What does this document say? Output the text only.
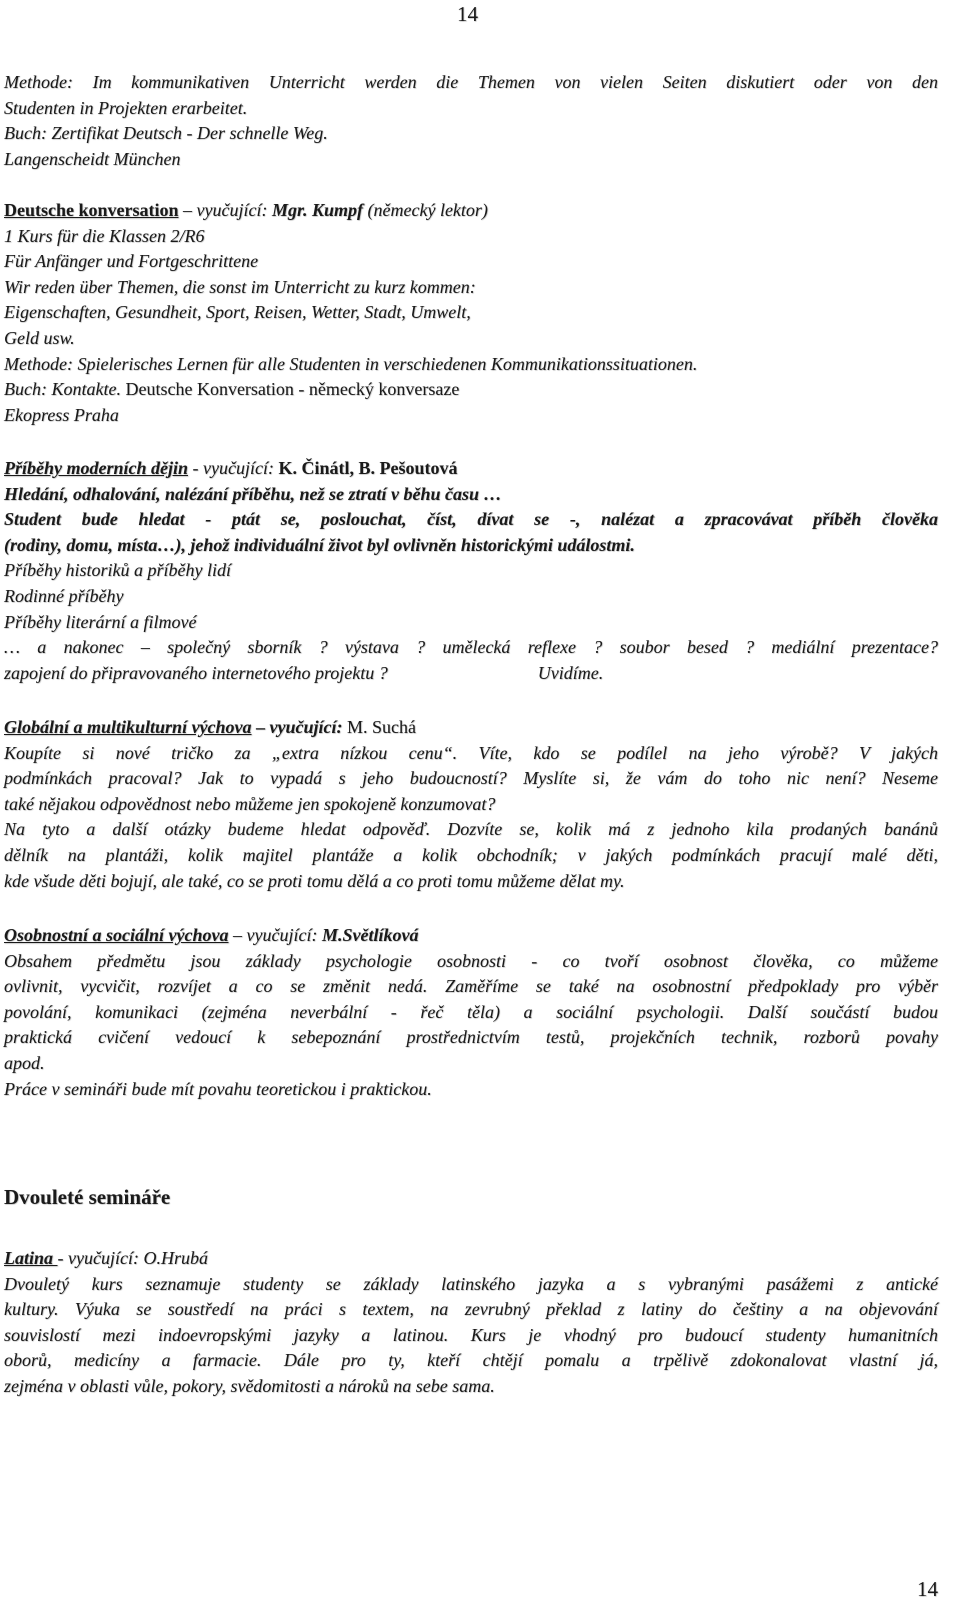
14
Methode: Im kommunikativen Unterricht werden die Themen von vielen Seiten diskutiert oder von den
Studenten in Projekten erarbeitet.
Buch: Zertifikat Deutsch - Der schnelle Weg.
Langenscheidt München
Deutsche konversation – vyučující: Mgr. Kumpf (německý lektor)
1 Kurs für die Klassen 2/R6
Für Anfänger und Fortgeschrittene
Wir reden über Themen, die sonst im Unterricht zu kurz kommen:
Eigenschaften, Gesundheit, Sport, Reisen, Wetter, Stadt, Umwelt,
Geld usw.
Methode: Spielerisches Lernen für alle Studenten in verschiedenen Kommunikationssituationen.
Buch: Kontakte. Deutsche Konversation - německý konversaze
Ekopress Praha
Příběhy moderních dějin - vyučující: K. Činátl, B. Pešoutová
Hledání, odhalování, nalézání příběhu, než se ztratí v běhu času …
Student bude hledat - ptát se, poslouchat, číst, dívat se -, nalézat a zpracovávat příběh člověka
(rodiny, domu, místa…), jehož individuální život byl ovlivněn historickými událostmi.
Příběhy historiků a příběhy lidí
Rodinné příběhy
Příběhy literární a filmové
… a nakonec – společný sborník ? výstava ? umělecká reflexe ? soubor besed ? mediální prezentace?
zapojení do připravovaného internetového projektu ?	Uvidíme.
Globální a multikulturní výchova – vyučující: M. Suchá
Koupíte si nové tričko za „extra nízkou cenu“. Víte, kdo se podílel na jeho výrobě? V jakých
podmínkách pracoval? Jak to vypadá s jeho budoucností? Myslíte si, že vám do toho nic není? Neseme
také nějakou odpovědnost nebo můžeme jen spokojeně konzumovat?
Na tyto a další otázky budeme hledat odpověď. Dozvíte se, kolik má z jednoho kila prodaných banánů
dělník na plantáži, kolik majitel plantáže a kolik obchodník; v jakých podmínkách pracují malé děti,
kde všude děti bojují, ale také, co se proti tomu dělá a co proti tomu můžeme dělat my.
Osobnostní a sociální výchova – vyučující: M.Světlíková
Obsahem předmětu jsou základy psychologie osobnosti - co tvoří osobnost člověka, co můžeme
ovlivnit, vycvičit, rozvíjet a co se změnit nedá. Zaměříme se také na osobnostní předpoklady pro výběr
povolání, komunikaci (zejména neverbální - řeč těla) a sociální psychologii. Další součástí budou
praktická cvičení vedoucí k sebepoznání prostřednictvím testů, projekčních technik, rozborů povahy
apod.
Práce v semináři bude mít povahu teoretickou i praktickou.
Dvouleté semináře
Latina - vyučující: O.Hrubá
Dvouletý kurs seznamuje studenty se základy latinského jazyka a s vybranými pasážemi z antické
kultury. Výuka se soustředí na práci s textem, na zevrubný překlad z latiny do češtiny a na objevování
souvislostí mezi indoevropskými jazyky a latinou. Kurs je vhodný pro budoucí studenty humanitních
oborů, medicíny a farmacie. Dále pro ty, kteří chtějí pomalu a trpělivě zdokonalovat vlastní já,
zejména v oblasti vůle, pokory, svědomitosti a nároků na sebe sama.
14
